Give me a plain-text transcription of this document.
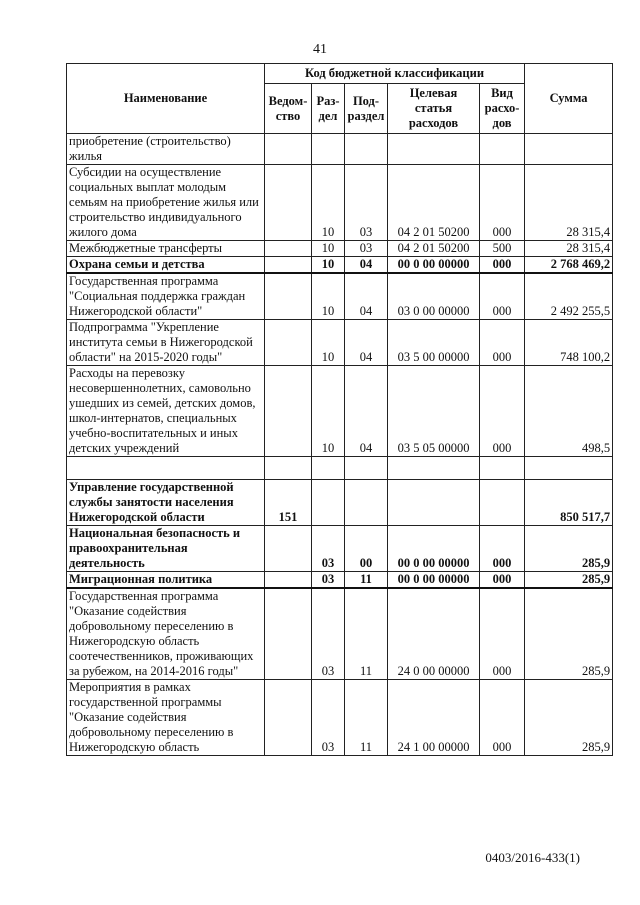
41
Наименование	Код бюджетной классификации					Сумма
	Ведом-ство	Раз-дел	Под-раздел	Целевая статья расходов	Вид расхо-дов	
приобретение (строительство) жилья						
Субсидии на осуществление социальных выплат молодым семьям на приобретение жилья или строительство индивидуального жилого дома		10	03	04 2 01 50200	000	28 315,4
Межбюджетные трансферты		10	03	04 2 01 50200	500	28 315,4
Охрана семьи и детства		10	04	00 0 00 00000	000	2 768 469,2
Государственная программа "Социальная поддержка граждан Нижегородской области"		10	04	03 0 00 00000	000	2 492 255,5
Подпрограмма "Укрепление института семьи в Нижегородской области" на 2015-2020 годы"		10	04	03 5 00 00000	000	748 100,2
Расходы на перевозку несовершеннолетних, самовольно ушедших из семей, детских домов, школ-интернатов, специальных учебно-воспитательных и иных детских учреждений		10	04	03 5 05 00000	000	498,5

Управление государственной службы занятости населения Нижегородской области	151					850 517,7
Национальная безопасность и правоохранительная деятельность		03	00	00 0 00 00000	000	285,9
Миграционная политика		03	11	00 0 00 00000	000	285,9
Государственная программа "Оказание содействия добровольному переселению в Нижегородскую область соотечественников, проживающих за рубежом, на 2014-2016 годы"		03	11	24 0 00 00000	000	285,9
Мероприятия в рамках государственной программы "Оказание содействия добровольному переселению в Нижегородскую область		03	11	24 1 00 00000	000	285,9
0403/2016-433(1)
